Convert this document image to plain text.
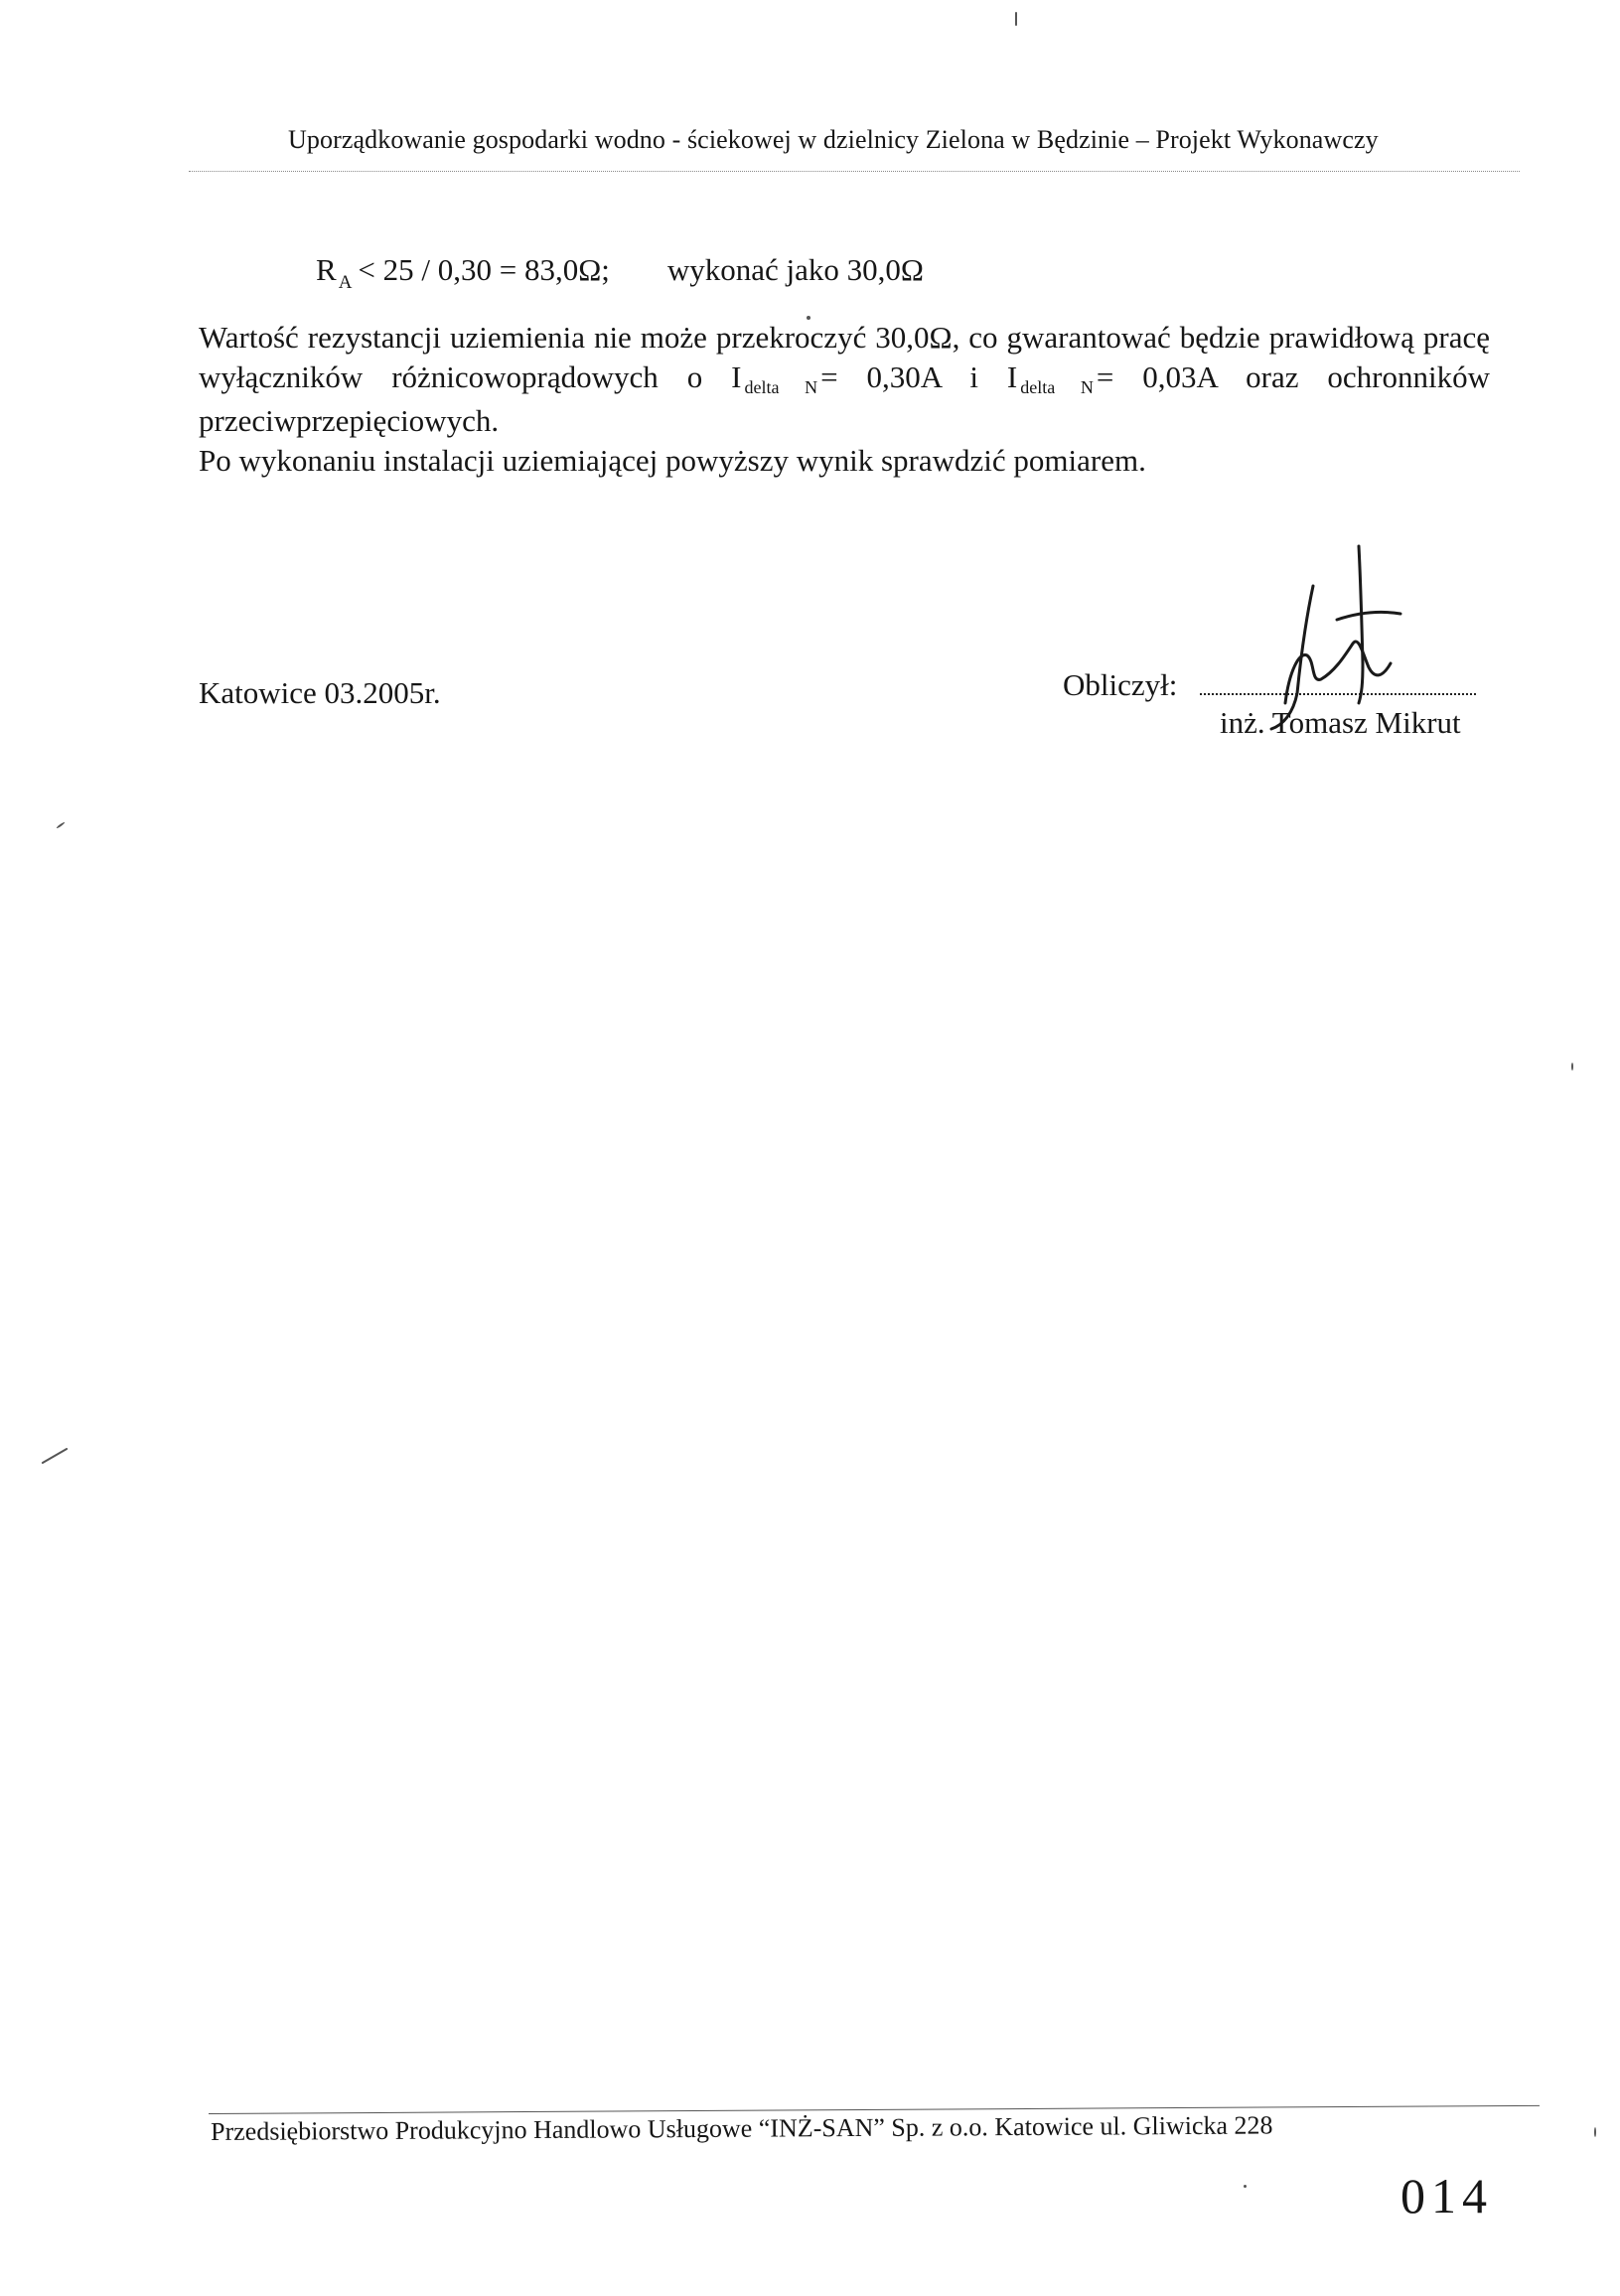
Uporządkowanie gospodarki wodno - ściekowej w dzielnicy Zielona w Będzinie – Projekt Wykonawczy
R $_A$ < 25 / 0,30 = 83,0Ω; wykonać jako 30,0Ω

Wartość rezystancji uziemienia nie może przekroczyć 30,0Ω, co gwarantować będzie prawidłową pracę wyłączników różnicowoprądowych o I delta N= 0,30A i I delta N= 0,03A oraz ochronników przeciwprzepięciowych.

Po wykonaniu instalacji uziemiającej powyższy wynik sprawdzić pomiarem.

Katowice 03.2005r.	Obliczył:
inż. Tomasz Mikrut
Przedsiębiorstwo Produkcyjno Handlowo Usługowe “INŻ-SAN” Sp. z o.o. Katowice ul. Gliwicka 228
014
